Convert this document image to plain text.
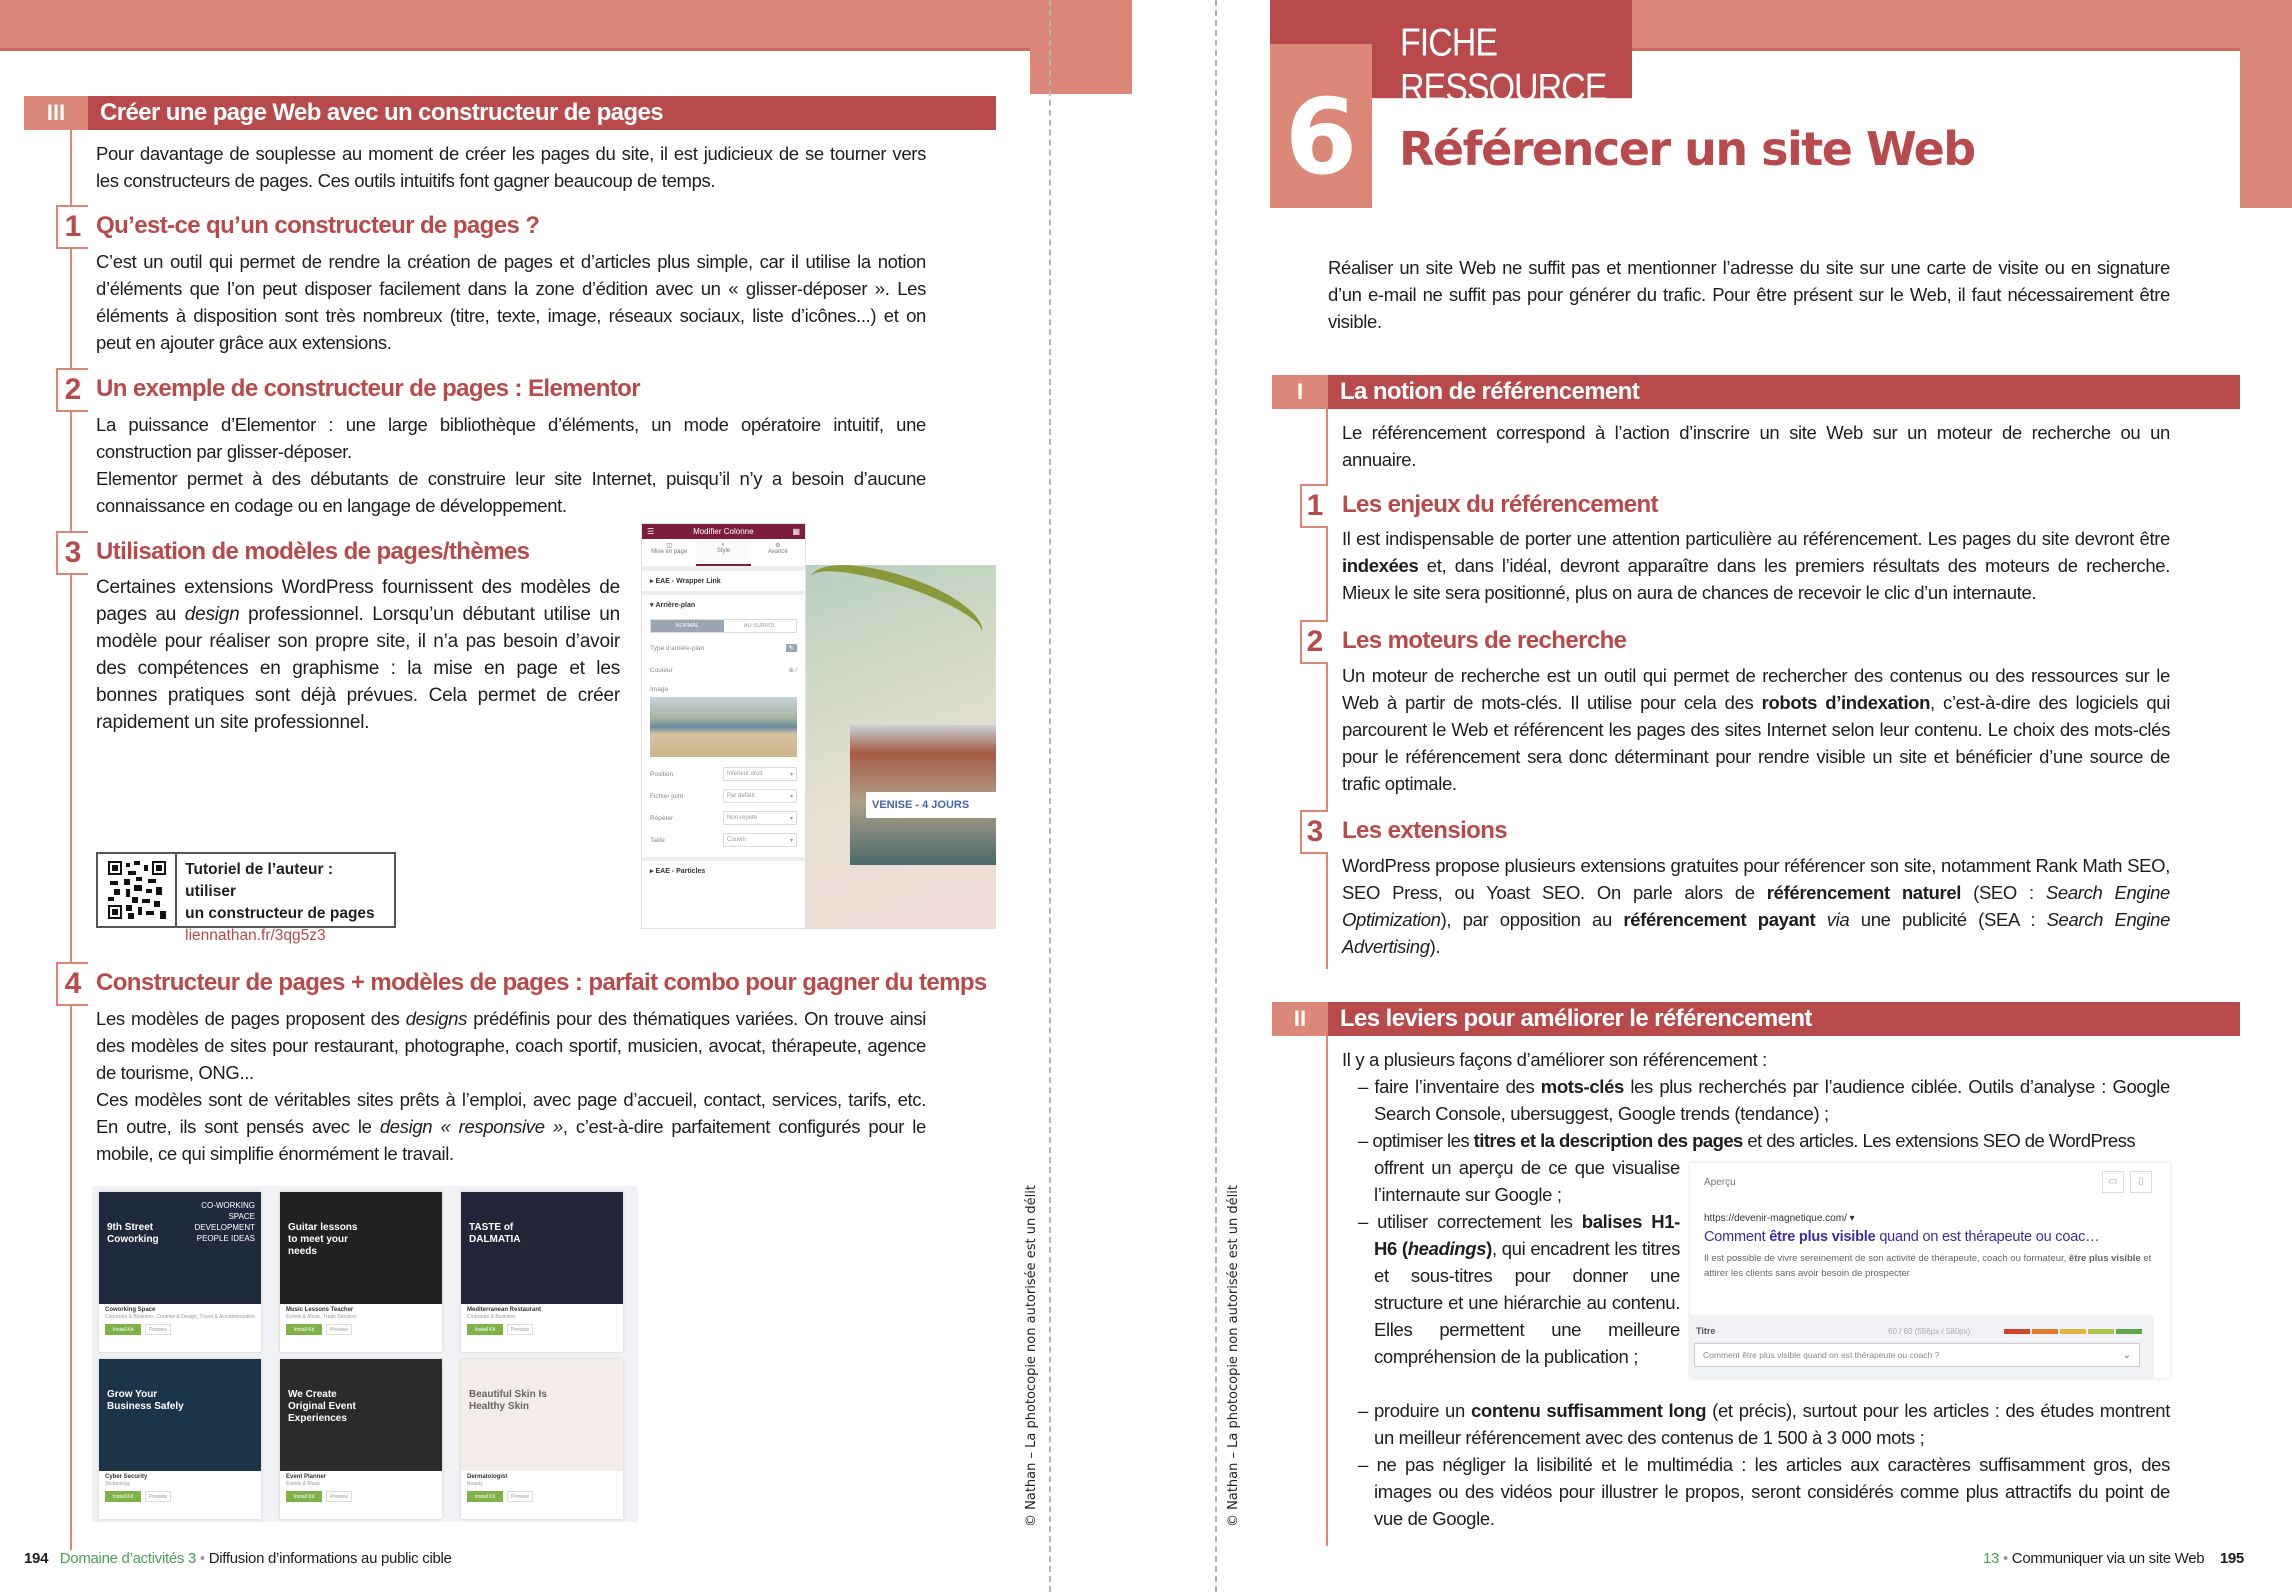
III	Créer une page Web avec un constructeur de pages
Pour davantage de souplesse au moment de créer les pages du site, il est judicieux de se tourner vers les constructeurs de pages. Ces outils intuitifs font gagner beaucoup de temps.
1 Qu’est-ce qu’un constructeur de pages ?
C’est un outil qui permet de rendre la création de pages et d’articles plus simple, car il utilise la notion d’éléments que l’on peut disposer facilement dans la zone d’édition avec un « glisser-déposer ». Les éléments à disposition sont très nombreux (titre, texte, image, réseaux sociaux, liste d’icônes...) et on peut en ajouter grâce aux extensions.
2 Un exemple de constructeur de pages : Elementor
La puissance d’Elementor : une large bibliothèque d’éléments, un mode opératoire intuitif, une construction par glisser-déposer.
Elementor permet à des débutants de construire leur site Internet, puisqu’il n’y a besoin d’aucune connaissance en codage ou en langage de développement.
3 Utilisation de modèles de pages/thèmes
Certaines extensions WordPress fournissent des modèles de pages au design professionnel. Lorsqu’un débutant utilise un modèle pour réaliser son propre site, il n’a pas besoin d’avoir des compétences en graphisme : la mise en page et les bonnes pratiques sont déjà prévues. Cela permet de créer rapidement un site professionnel.
Tutoriel de l’auteur : utiliser
un constructeur de pages
liennathan.fr/3qg5z3
☰	Modifier Colonne	▦
◫
Mise en page
◐
Style
⚙
Avancé
▸ EAE - Wrapper Link
▾ Arrière-plan
NORMAL	AU SURVOL
Type d’arrière-plan	✎
Couleur	⊕ ⁄
Image
Position	Inferieur droit	▾
Fichier joint	Par defaut	▾
Répéter	Non-repete	▾
Taille	Couvrir	▾
▸ EAE - Particles
VENISE - 4 JOURS
4 Constructeur de pages + modèles de pages : parfait combo pour gagner du temps
Les modèles de pages proposent des designs prédéfinis pour des thématiques variées. On trouve ainsi des modèles de sites pour restaurant, photographe, coach sportif, musicien, avocat, thérapeute, agence de tourisme, ONG...
Ces modèles sont de véritables sites prêts à l’emploi, avec page d’accueil, contact, services, tarifs, etc. En outre, ils sont pensés avec le design « responsive », c’est-à-dire parfaitement configurés pour le mobile, ce qui simplifie énormément le travail.
9th Street Coworking
CO-WORKING SPACE DEVELOPMENT PEOPLE IDEAS
Coworking Space
Corporate & Business, Creative & Design, Travel & Accommodation
Install Kit	Preview
Guitar lessons to meet your needs
Music Lessons Teacher
Events & Music, Trade Services
Install Kit	Preview
TASTE of DALMATIA
Mediterranean Restaurant
Corporate & Business
Install Kit	Preview
Grow Your Business Safely
Cyber Security
Technology
Install Kit	Preview
We Create Original Event Experiences
Event Planner
Events & Music
Install Kit	Preview
Beautiful Skin Is Healthy Skin
Dermatologist
Beauty
Install Kit	Preview
194 Domaine d’activités 3 • Diffusion d’informations au public cible
© Nathan – La photocopie non autorisée est un délit	© Nathan – La photocopie non autorisée est un délit
FICHE RESSOURCE
6 Référencer un site Web
Réaliser un site Web ne suffit pas et mentionner l’adresse du site sur une carte de visite ou en signature d’un e-mail ne suffit pas pour générer du trafic. Pour être présent sur le Web, il faut nécessairement être visible.
I	La notion de référencement
Le référencement correspond à l’action d’inscrire un site Web sur un moteur de recherche ou un annuaire.
1 Les enjeux du référencement
Il est indispensable de porter une attention particulière au référencement. Les pages du site devront être indexées et, dans l’idéal, devront apparaître dans les premiers résultats des moteurs de recherche. Mieux le site sera positionné, plus on aura de chances de recevoir le clic d’un internaute.
2 Les moteurs de recherche
Un moteur de recherche est un outil qui permet de rechercher des contenus ou des ressources sur le Web à partir de mots-clés. Il utilise pour cela des robots d’indexation, c’est-à-dire des logiciels qui parcourent le Web et référencent les pages des sites Internet selon leur contenu. Le choix des mots-clés pour le référencement sera donc déterminant pour rendre visible un site et bénéficier d’une source de trafic optimale.
3 Les extensions
WordPress propose plusieurs extensions gratuites pour référencer son site, notamment Rank Math SEO, SEO Press, ou Yoast SEO. On parle alors de référencement naturel (SEO : Search Engine Optimization), par opposition au référencement payant via une publicité (SEA : Search Engine Advertising).
II	Les leviers pour améliorer le référencement
Il y a plusieurs façons d’améliorer son référencement :
– faire l’inventaire des mots-clés les plus recherchés par l’audience ciblée. Outils d’analyse : Google Search Console, ubersuggest, Google trends (tendance) ;
– optimiser les titres et la description des pages et des articles. Les extensions SEO de WordPress
offrent un aperçu de ce que visualise l’internaute sur Google ;
– utiliser correctement les balises H1-H6 (headings), qui encadrent les titres et sous-titres pour donner une structure et une hiérarchie au contenu. Elles permettent une meilleure compréhension de la publication ;
– produire un contenu suffisamment long (et précis), surtout pour les articles : des études montrent un meilleur référencement avec des contenus de 1 500 à 3 000 mots ;
– ne pas négliger la lisibilité et le multimédia : les articles aux caractères suffisamment gros, des images ou des vidéos pour illustrer le propos, seront considérés comme plus attractifs du point de vue de Google.
Aperçu	▭	▯
https://devenir-magnetique.com/ ▾
Comment être plus visible quand on est thérapeute ou coac…
Il est possible de vivre sereinement de son activité de thérapeute, coach ou formateur, être plus visible et attirer les clients sans avoir besoin de prospecter
Titre	60 / 60 (556px / 580px)
Comment être plus visible quand on est thérapeute ou coach ?	⌄
13 • Communiquer via un site Web 195
